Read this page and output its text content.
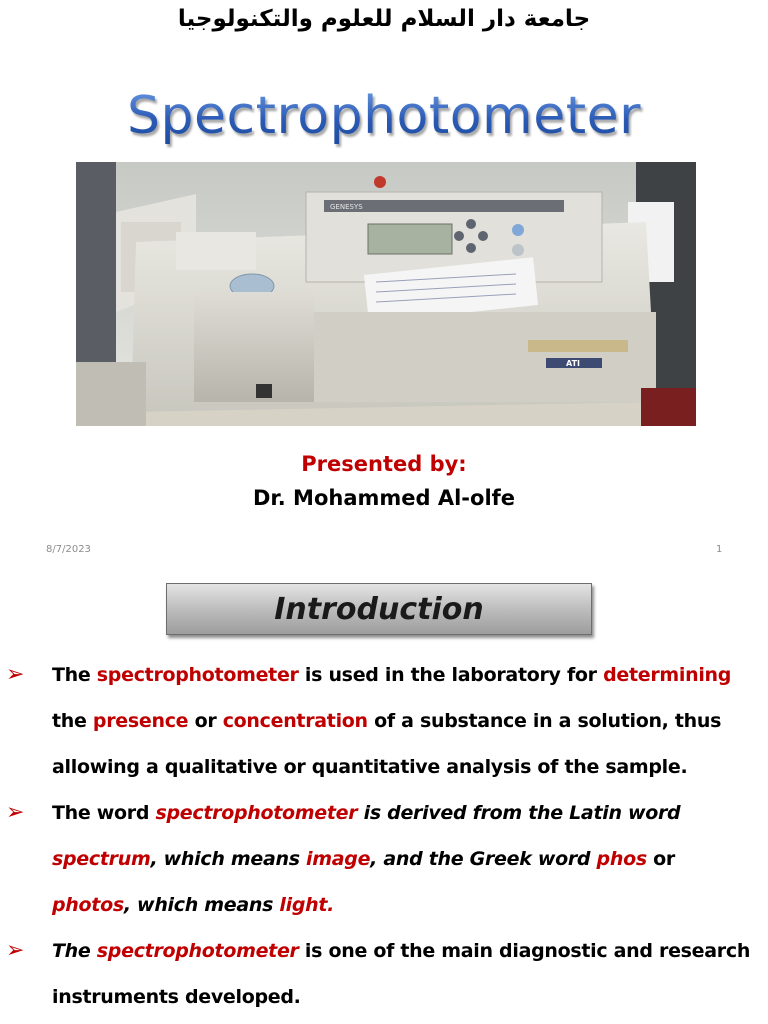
جامعة دار السلام للعلوم والتكنولوجيا
Spectrophotometer
ATI
GENESYS
Presented by:
Dr. Mohammed Al-olfe
8/7/2023	1
Introduction
➢ The spectrophotometer is used in the laboratory for determining the presence or concentration of a substance in a solution, thus allowing a qualitative or quantitative analysis of the sample.
➢ The word spectrophotometer is derived from the Latin word spectrum, which means image, and the Greek word phos or photos, which means light.
➢ The spectrophotometer is one of the main diagnostic and research instruments developed.
